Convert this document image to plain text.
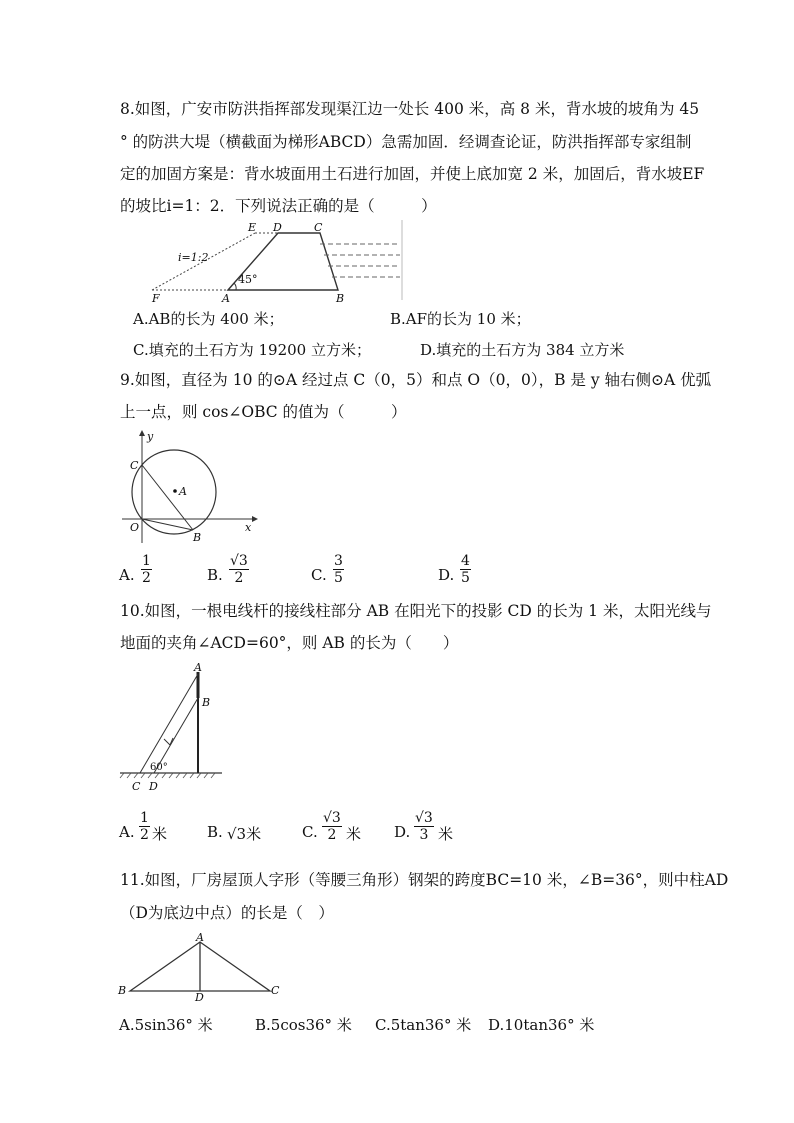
8.如图，广安市防洪指挥部发现渠江边一处长 400 米，高 8 米，背水坡的坡角为 45
° 的防洪大堤（横截面为梯形ABCD）急需加固．经调查论证，防洪指挥部专家组制
定的加固方案是：背水坡面用土石进行加固，并使上底加宽 2 米，加固后，背水坡EF
的坡比i=1：2．下列说法正确的是（　　　）
E D	C
i=1:2
45°
F	A	B
A.AB的长为 400 米；	B.AF的长为 10 米；
C.填充的土石方为 19200 立方米；	D.填充的土石方为 384 立方米
9.如图，直径为 10 的⊙A 经过点 C（0，5）和点 O（0，0），B 是 y 轴右侧⊙A 优弧
上一点，则 cos∠OBC 的值为（　　　）
y
x
C
A
O
B
A.
1
2	B.
√3
2	C.
3
5	D.
4
5
10.如图，一根电线杆的接线柱部分 AB 在阳光下的投影 CD 的长为 1 米，太阳光线与
地面的夹角∠ACD=60°，则 AB 的长为（　　）
A
B
60°
C D
A.
1
2 米	B. √3米	C.
√3
2 米 D.
√3
3 米
11.如图，厂房屋顶人字形（等腰三角形）钢架的跨度BC=10 米，∠B=36°，则中柱AD
（D为底边中点）的长是（　）
A
B	C
D
A.5sin36° 米	B.5cos36° 米 C.5tan36° 米 D.10tan36° 米
